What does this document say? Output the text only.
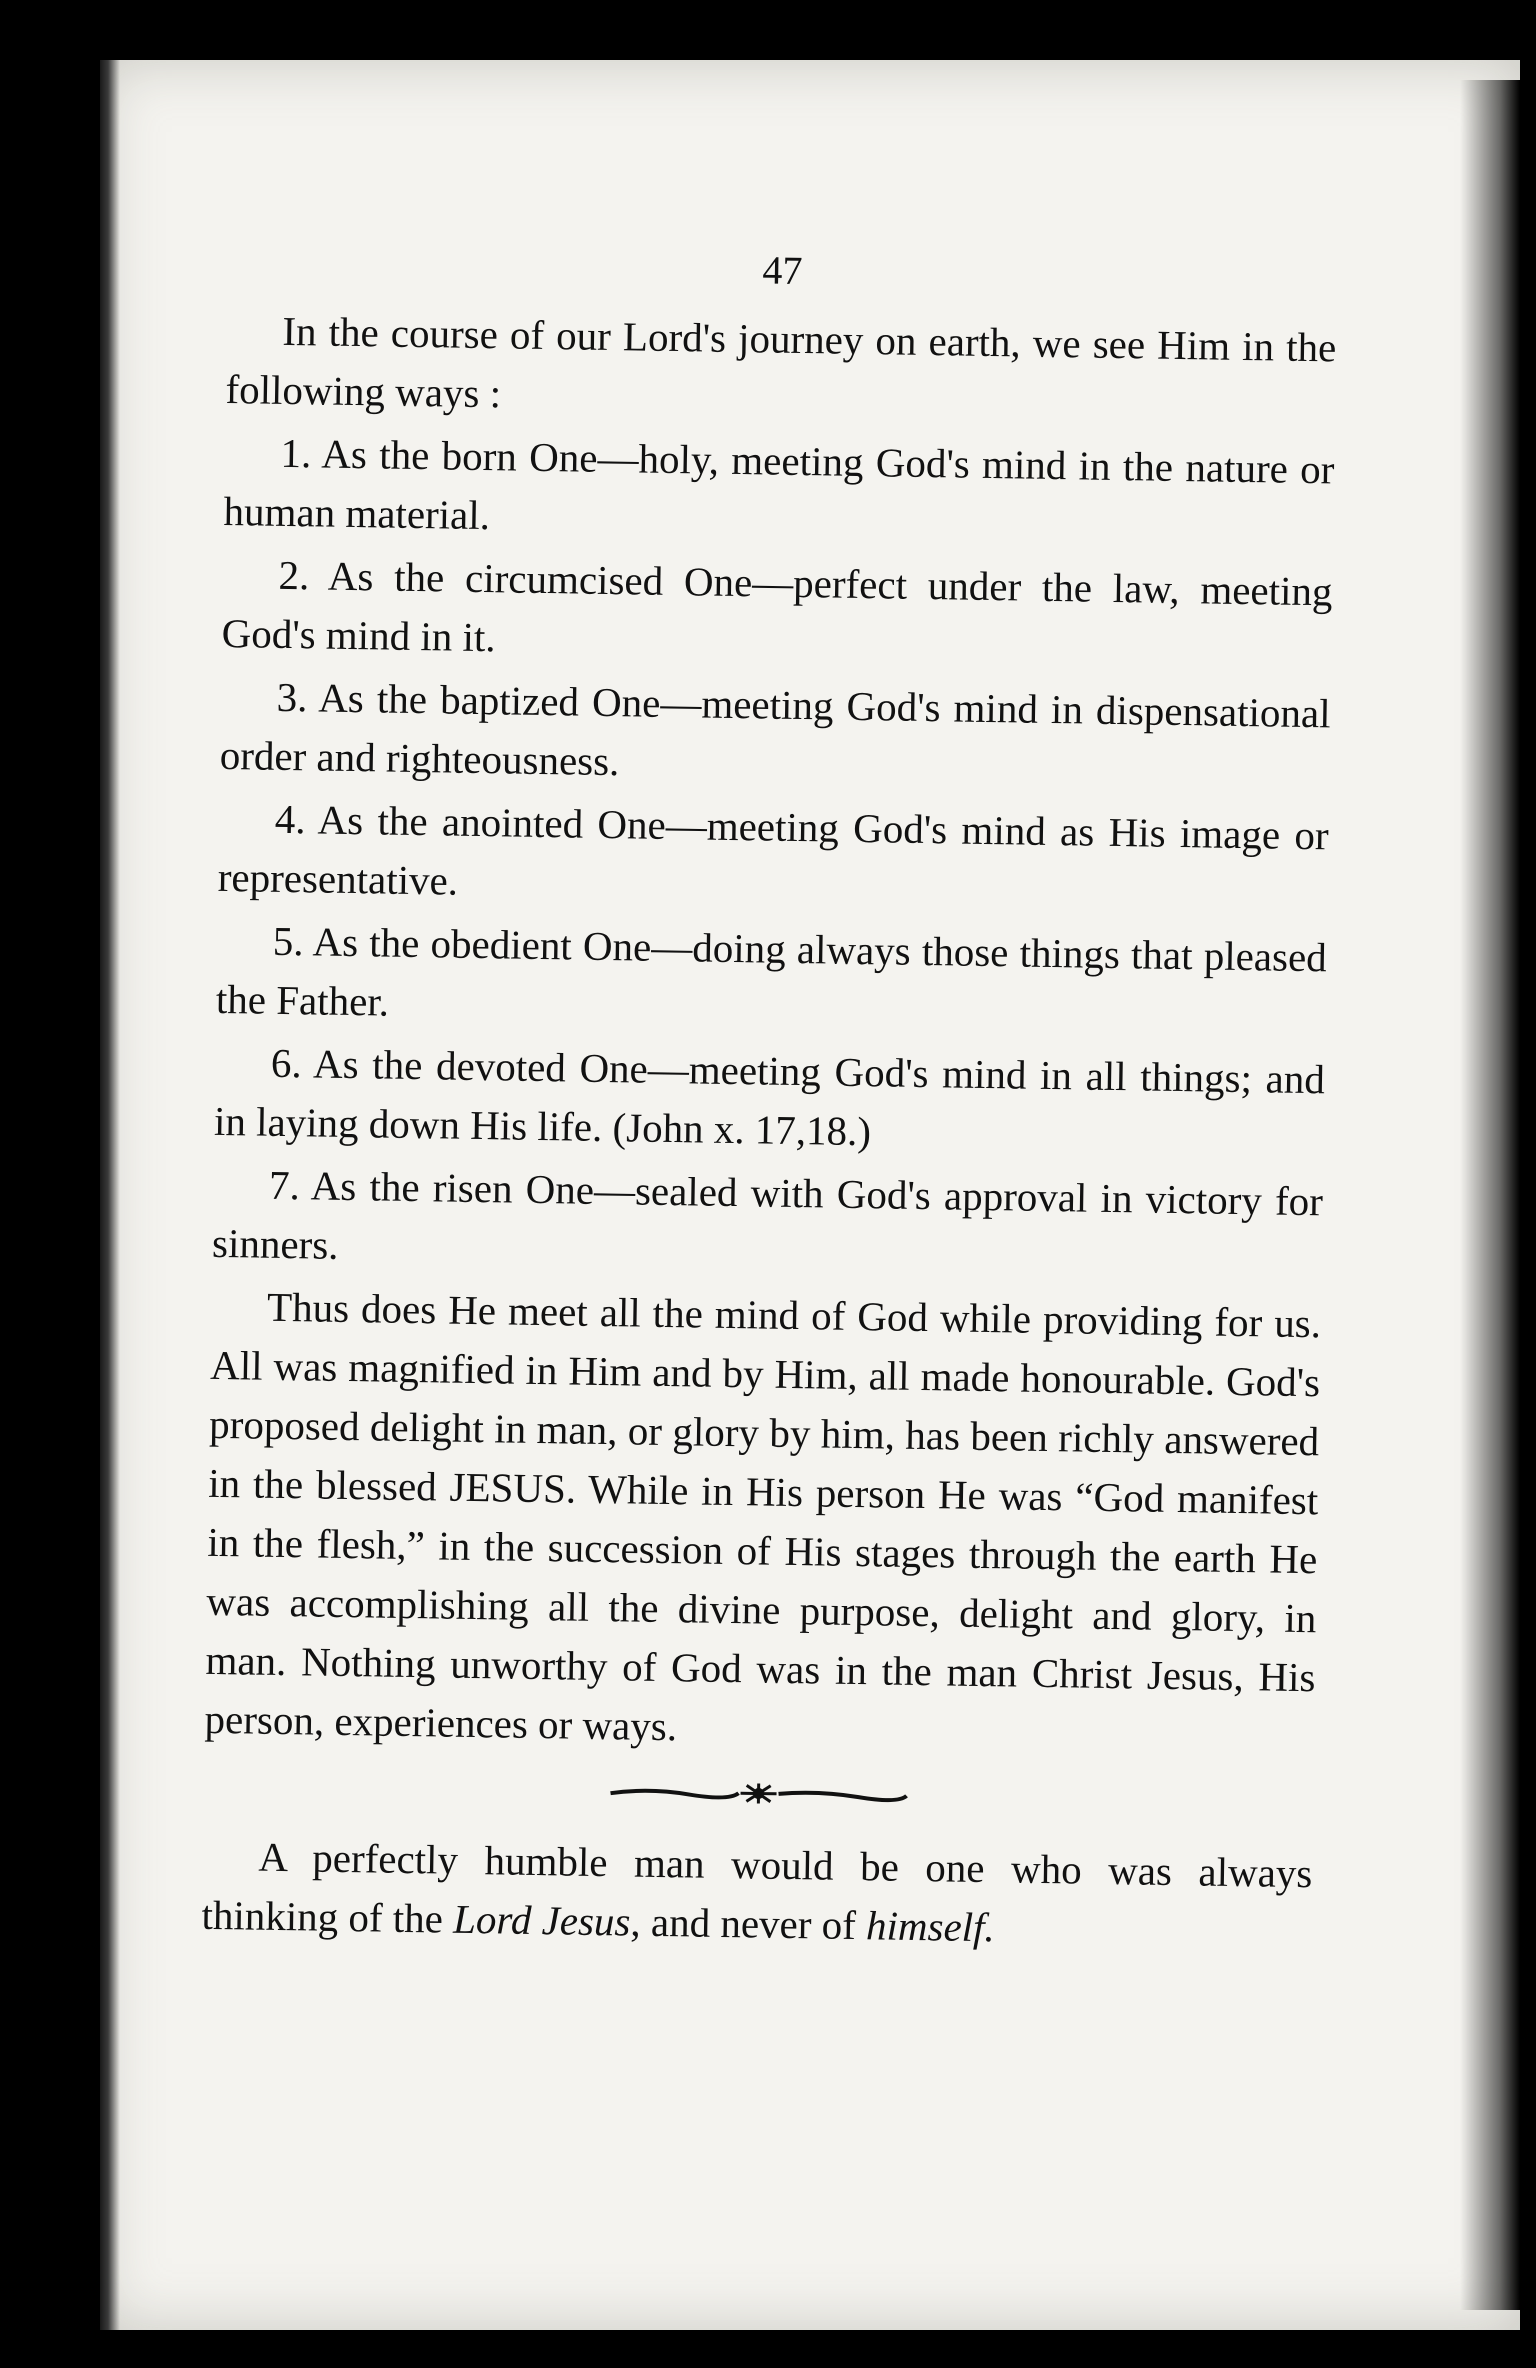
47

In the course of our Lord's journey on earth, we see Him in the following ways :

1. As the born One—holy, meeting God's mind in the nature or human material.

2. As the circumcised One—perfect under the law, meeting God's mind in it.

3. As the baptized One—meeting God's mind in dispensational order and righteousness.

4. As the anointed One—meeting God's mind as His image or representative.

5. As the obedient One—doing always those things that pleased the Father.

6. As the devoted One—meeting God's mind in all things; and in laying down His life. (John x. 17,18.)

7. As the risen One—sealed with God's approval in victory for sinners.

Thus does He meet all the mind of God while providing for us. All was magnified in Him and by Him, all made honourable. God's proposed delight in man, or glory by him, has been richly answered in the blessed JESUS. While in His person He was “God manifest in the flesh,” in the succession of His stages through the earth He was accomplishing all the divine purpose, delight and glory, in man. Nothing unworthy of God was in the man Christ Jesus, His person, experiences or ways.

A perfectly humble man would be one who was always thinking of the Lord Jesus, and never of himself.
